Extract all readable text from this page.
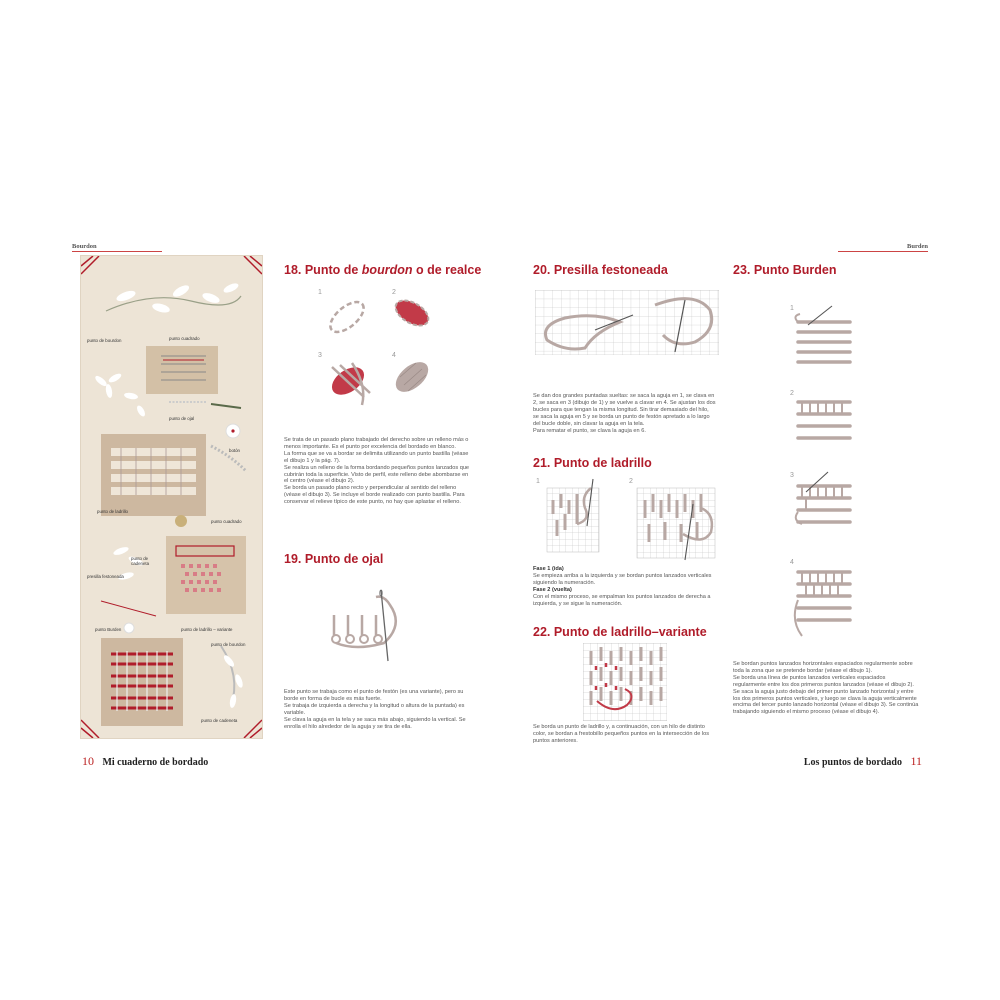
Bourdon	Burden
punto de bourdon	punto cuadrado
punto de ojal
botón
punto de ladrillo
punto cuadrado
punto de cadeneta
presilla festoneada
punto Burden	punto de ladrillo – variante
punto de bourdon
punto de cadeneta
18. Punto de bourdon o de realce
1	2
3	4

Se trata de un pasado plano trabajado del derecho sobre un relleno más o menos importante. Es el punto por excelencia del bordado en blanco.

La forma que se va a bordar se delimita utilizando un punto bastilla (véase el dibujo 1 y la pág. 7).

Se realiza un relleno de la forma bordando pequeños puntos lanzados que cubrirán toda la superficie. Visto de perfil, este relleno debe abombarse en el centro (véase el dibujo 2).

Se borda un pasado plano recto y perpendicular al sentido del relleno (véase el dibujo 3). Se incluye el borde realizado con punto bastilla. Para conservar el relieve típico de este punto, no hay que aplastar el relleno.

19. Punto de ojal

Este punto se trabaja como el punto de festón (es una variante), pero su borde en forma de bucle es más fuerte.

Se trabaja de izquierda a derecha y la longitud o altura de la puntada) es variable.

Se clava la aguja en la tela y se saca más abajo, siguiendo la vertical. Se enrolla el hilo alrededor de la aguja y se tira de ella.

20. Presilla festoneada

Se dan dos grandes puntadas sueltas: se saca la aguja en 1, se clava en 2, se saca en 3 (dibujo de 1) y se vuelve a clavar en 4. Se ajustan los dos bucles para que tengan la misma longitud. Sin tirar demasiado del hilo, se saca la aguja en 5 y se borda un punto de festón apretado a lo largo del bucle doble, sin clavar la aguja en la tela.

Para rematar el punto, se clava la aguja en 6.

21. Punto de ladrillo
1	2

Fase 1 (ida)

Se empieza arriba a la izquierda y se bordan puntos lanzados verticales siguiendo la numeración.

Fase 2 (vuelta)

Con el mismo proceso, se empalman los puntos lanzados de derecha a izquierda, y se sigue la numeración.

22. Punto de ladrillo–variante

Se borda un punto de ladrillo y, a continuación, con un hilo de distinto color, se bordan a frestobillo pequeños puntos en la intersección de los puntos anteriores.

23. Punto Burden
1
2
3
4

Se bordan puntos lanzados horizontales espaciados regularmente sobre toda la zona que se pretende bordar (véase el dibujo 1).

Se borda una línea de puntos lanzados verticales espaciados regularmente entre los dos primeros puntos lanzados (véase el dibujo 2).

Se saca la aguja justo debajo del primer punto lanzado horizontal y entre los dos primeros puntos verticales, y luego se clava la aguja verticalmente encima del tercer punto lanzado horizontal (véase el dibujo 3). Se continúa trabajando siguiendo el mismo proceso (véase el dibujo 4).

10 Mi cuaderno de bordado	Los puntos de bordado 11
